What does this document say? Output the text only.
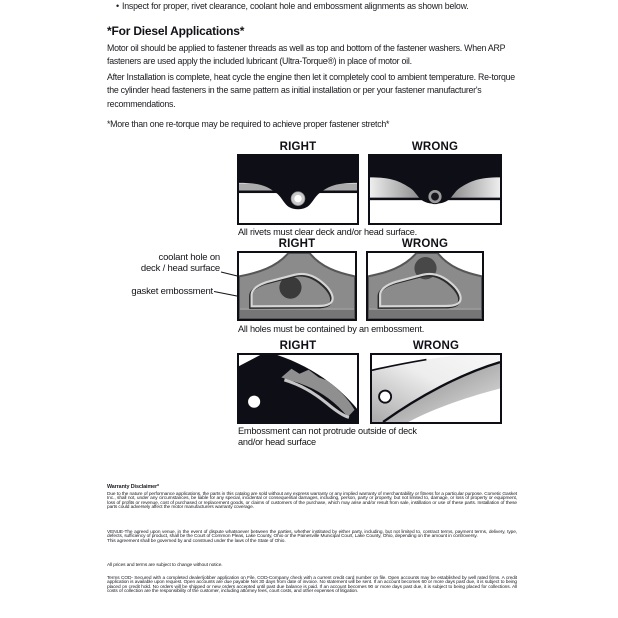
• Inspect for proper, rivet clearance, coolant hole and embossment alignments as shown below.
*For Diesel Applications*
Motor oil should be applied to fastener threads as well as top and bottom of the fastener washers. When ARP fasteners are used apply the included lubricant (Ultra-Torque®) in place of motor oil.
After Installation is complete, heat cycle the engine then let it completely cool to ambient temperature. Re-torque the cylinder head fasteners in the same pattern as initial installation or per your fastener manufacturer's recommendations.
*More than one re-torque may be required to achieve proper fastener stretch*
RIGHT	WRONG
All rivets must clear deck and/or head surface.
RIGHT	WRONG
coolant hole on
deck / head surface
gasket embossment
All holes must be contained by an embossment.
RIGHT	WRONG
Embossment can not protrude outside of deck
and/or head surface
Warranty Disclaimer*
Due to the nature of performance applications, the parts in this catalog are sold without any express warranty or any implied warranty of merchantability or fitness for a particular purpose. Cometic Gasket Inc., shall not, under any circumstances, be liable for any special, incidental or consequential damages, including, person, party or property, but not limited to, damage, or loss of property or equipment, loss of profits or revenue, cost of purchased or replacement goods, or claims of customers of the purchase, which may arise and/or result from sale, instillation or use of these parts. Installation of these parts could adversely affect the motor manufacturers warranty coverage.
VENUE-The agreed upon venue, in the event of dispute whatsoever between the parties, whether instituted by either party, including, but not limited to, contract terms, payment terms, delivery, type, defects, sufficiency of product, shall be the Court of Common Pleas, Lake County, Ohio or the Painesville Municipal Court, Lake County, Ohio, depending on the amount in controversy.
This agreement shall be governed by and construed under the laws of the State of Ohio.
All prices and terms are subject to change without notice.
Terms COD- Secured with a completed dealer/jobber application on File, COD-Company check with a current credit card number on file. Open accounts may be established by well rated firms. A credit application is available upon request. Open accounts are due payable Net 30 days from date of invoice. No statement will be sent. If an account becomes 60 or more days past due, it is subject to being placed on credit hold. No orders will be shipped or new orders accepted until past due balance is paid. If an account becomes 90 or more days past due, it is subject to being placed for collections. All costs of collection are the responsibility of the customer, including attorney fees, court costs, and other expenses of litigation.
